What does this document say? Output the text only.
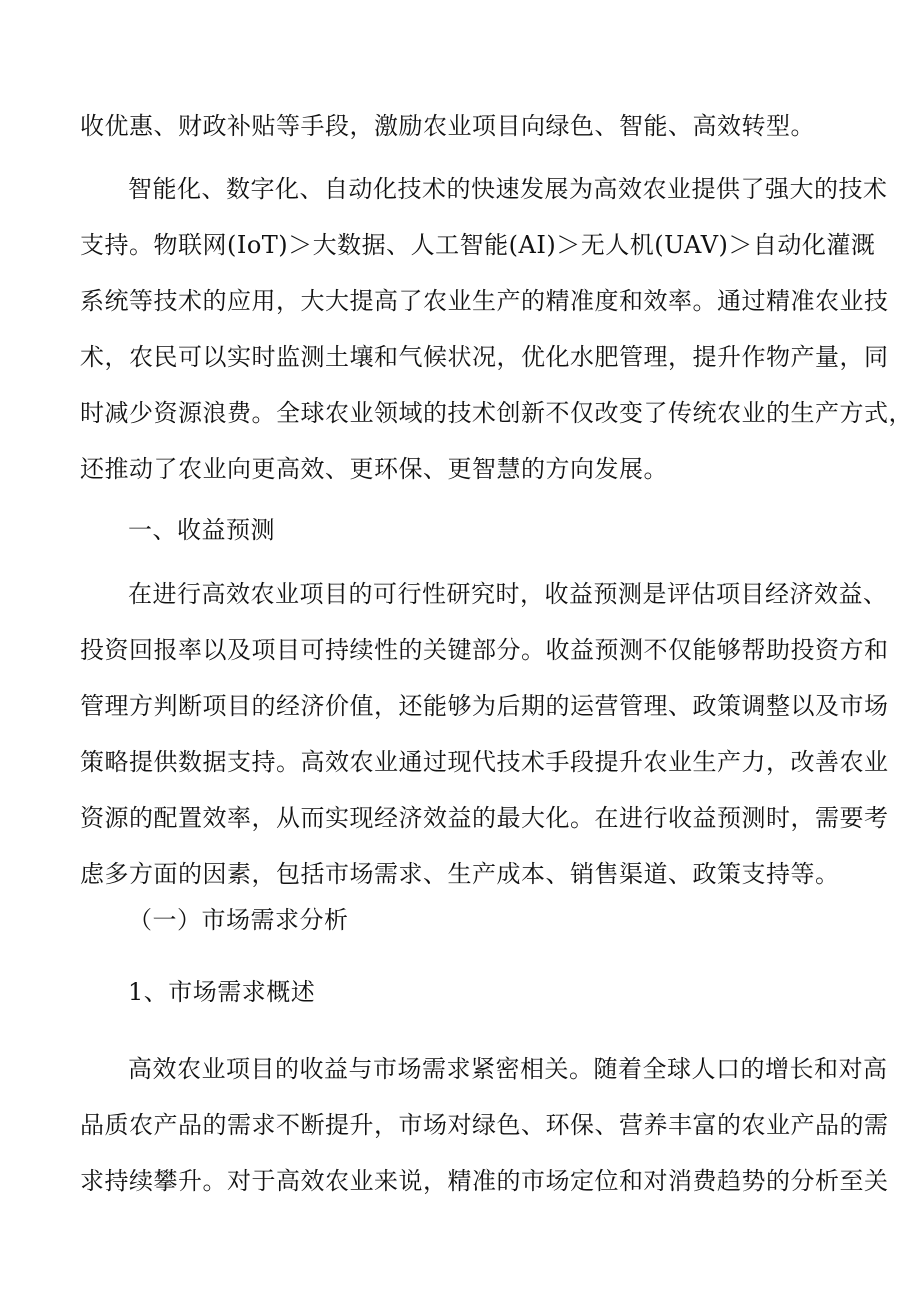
收优惠、财政补贴等手段，激励农业项目向绿色、智能、高效转型。
智能化、数字化、自动化技术的快速发展为高效农业提供了强大的技术
支持。物联网(IoT)＞大数据、人工智能(AI)＞无人机(UAV)＞自动化灌溉
系统等技术的应用，大大提高了农业生产的精准度和效率。通过精准农业技
术，农民可以实时监测土壤和气候状况，优化水肥管理，提升作物产量，同
时减少资源浪费。全球农业领域的技术创新不仅改变了传统农业的生产方式，
还推动了农业向更高效、更环保、更智慧的方向发展。
一、收益预测
在进行高效农业项目的可行性研究时，收益预测是评估项目经济效益、
投资回报率以及项目可持续性的关键部分。收益预测不仅能够帮助投资方和
管理方判断项目的经济价值，还能够为后期的运营管理、政策调整以及市场
策略提供数据支持。高效农业通过现代技术手段提升农业生产力，改善农业
资源的配置效率，从而实现经济效益的最大化。在进行收益预测时，需要考
虑多方面的因素，包括市场需求、生产成本、销售渠道、政策支持等。
（一）市场需求分析
1、市场需求概述
高效农业项目的收益与市场需求紧密相关。随着全球人口的增长和对高
品质农产品的需求不断提升，市场对绿色、环保、营养丰富的农业产品的需
求持续攀升。对于高效农业来说，精准的市场定位和对消费趋势的分析至关
